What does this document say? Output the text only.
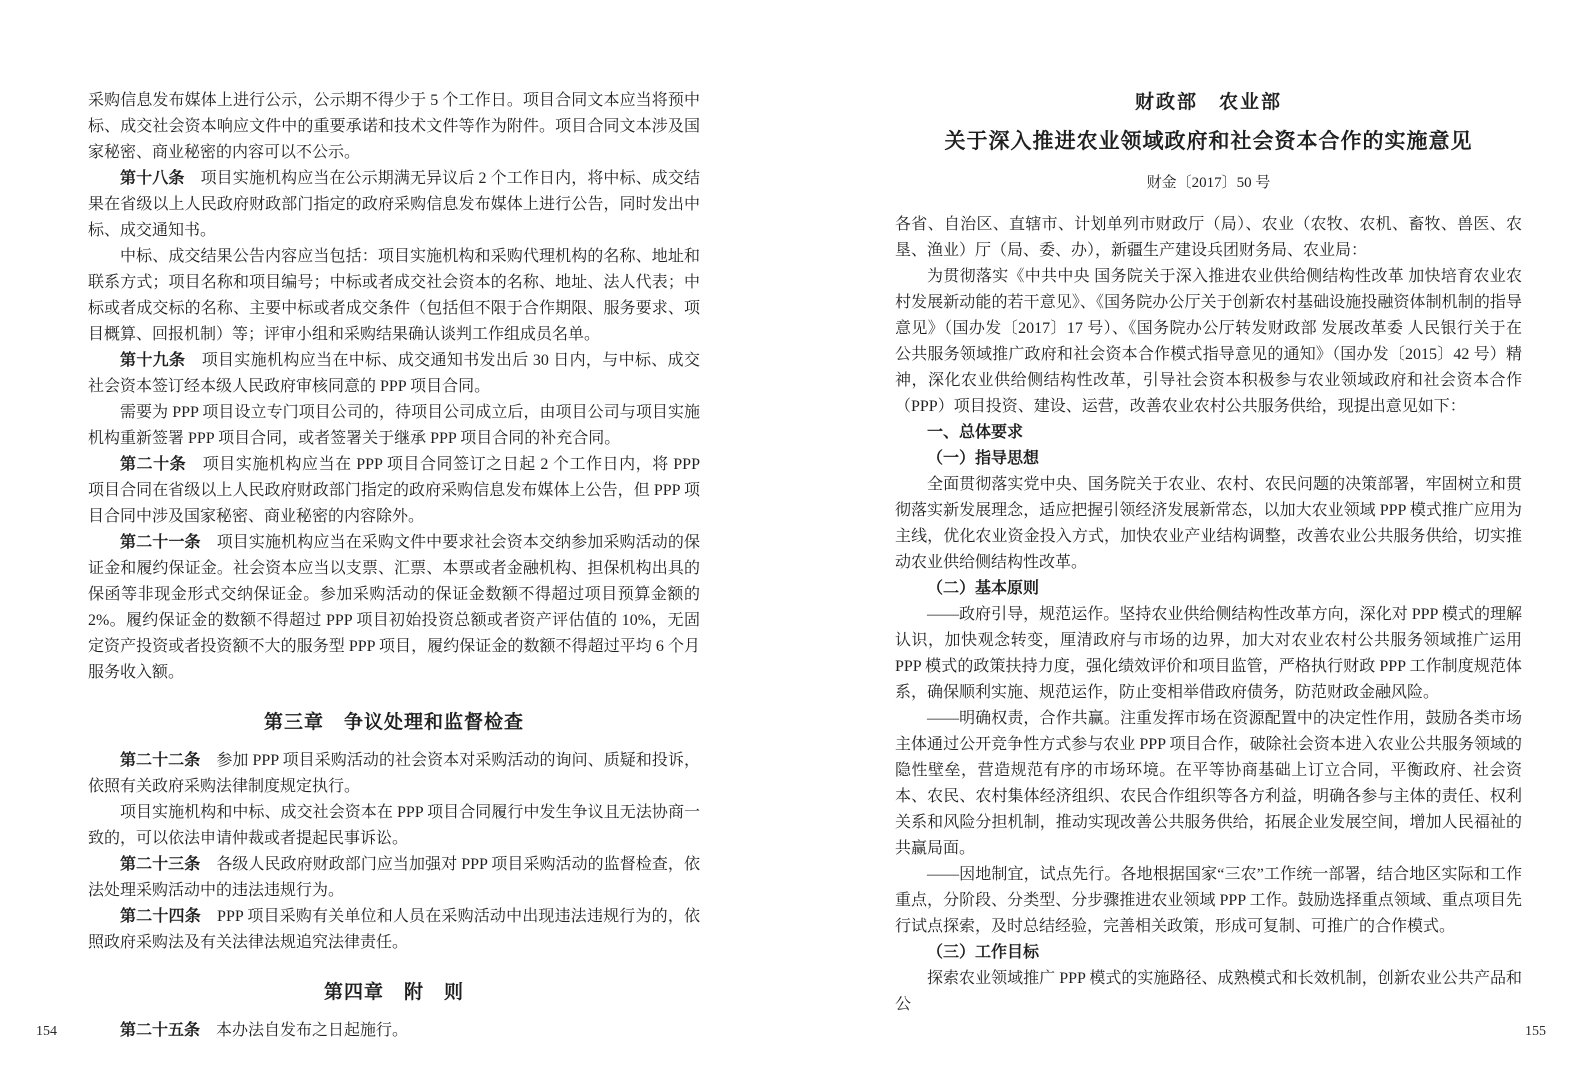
采购信息发布媒体上进行公示，公示期不得少于 5 个工作日。项目合同文本应当将预中标、成交社会资本响应文件中的重要承诺和技术文件等作为附件。项目合同文本涉及国家秘密、商业秘密的内容可以不公示。

第十八条　项目实施机构应当在公示期满无异议后 2 个工作日内，将中标、成交结果在省级以上人民政府财政部门指定的政府采购信息发布媒体上进行公告，同时发出中标、成交通知书。

中标、成交结果公告内容应当包括：项目实施机构和采购代理机构的名称、地址和联系方式；项目名称和项目编号；中标或者成交社会资本的名称、地址、法人代表；中标或者成交标的名称、主要中标或者成交条件（包括但不限于合作期限、服务要求、项目概算、回报机制）等；评审小组和采购结果确认谈判工作组成员名单。

第十九条　项目实施机构应当在中标、成交通知书发出后 30 日内，与中标、成交社会资本签订经本级人民政府审核同意的 PPP 项目合同。

需要为 PPP 项目设立专门项目公司的，待项目公司成立后，由项目公司与项目实施机构重新签署 PPP 项目合同，或者签署关于继承 PPP 项目合同的补充合同。

第二十条　项目实施机构应当在 PPP 项目合同签订之日起 2 个工作日内，将 PPP 项目合同在省级以上人民政府财政部门指定的政府采购信息发布媒体上公告，但 PPP 项目合同中涉及国家秘密、商业秘密的内容除外。

第二十一条　项目实施机构应当在采购文件中要求社会资本交纳参加采购活动的保证金和履约保证金。社会资本应当以支票、汇票、本票或者金融机构、担保机构出具的保函等非现金形式交纳保证金。参加采购活动的保证金数额不得超过项目预算金额的 2%。履约保证金的数额不得超过 PPP 项目初始投资总额或者资产评估值的 10%，无固定资产投资或者投资额不大的服务型 PPP 项目，履约保证金的数额不得超过平均 6 个月服务收入额。

第三章　争议处理和监督检查

第二十二条　参加 PPP 项目采购活动的社会资本对采购活动的询问、质疑和投诉，依照有关政府采购法律制度规定执行。

项目实施机构和中标、成交社会资本在 PPP 项目合同履行中发生争议且无法协商一致的，可以依法申请仲裁或者提起民事诉讼。

第二十三条　各级人民政府财政部门应当加强对 PPP 项目采购活动的监督检查，依法处理采购活动中的违法违规行为。

第二十四条　PPP 项目采购有关单位和人员在采购活动中出现违法违规行为的，依照政府采购法及有关法律法规追究法律责任。

第四章　附　则

第二十五条　本办法自发布之日起施行。

154
财政部　农业部
关于深入推进农业领域政府和社会资本合作的实施意见
财金〔2017〕50 号

各省、自治区、直辖市、计划单列市财政厅（局）、农业（农牧、农机、畜牧、兽医、农垦、渔业）厅（局、委、办），新疆生产建设兵团财务局、农业局：

为贯彻落实《中共中央 国务院关于深入推进农业供给侧结构性改革 加快培育农业农村发展新动能的若干意见》、《国务院办公厅关于创新农村基础设施投融资体制机制的指导意见》（国办发〔2017〕17 号）、《国务院办公厅转发财政部 发展改革委 人民银行关于在公共服务领域推广政府和社会资本合作模式指导意见的通知》（国办发〔2015〕42 号）精神，深化农业供给侧结构性改革，引导社会资本积极参与农业领域政府和社会资本合作（PPP）项目投资、建设、运营，改善农业农村公共服务供给，现提出意见如下：

一、总体要求
（一）指导思想

全面贯彻落实党中央、国务院关于农业、农村、农民问题的决策部署，牢固树立和贯彻落实新发展理念，适应把握引领经济发展新常态，以加大农业领域 PPP 模式推广应用为主线，优化农业资金投入方式，加快农业产业结构调整，改善农业公共服务供给，切实推动农业供给侧结构性改革。

（二）基本原则

——政府引导，规范运作。坚持农业供给侧结构性改革方向，深化对 PPP 模式的理解认识，加快观念转变，厘清政府与市场的边界，加大对农业农村公共服务领域推广运用 PPP 模式的政策扶持力度，强化绩效评价和项目监管，严格执行财政 PPP 工作制度规范体系，确保顺利实施、规范运作，防止变相举借政府债务，防范财政金融风险。

——明确权责，合作共赢。注重发挥市场在资源配置中的决定性作用，鼓励各类市场主体通过公开竞争性方式参与农业 PPP 项目合作，破除社会资本进入农业公共服务领域的隐性壁垒，营造规范有序的市场环境。在平等协商基础上订立合同，平衡政府、社会资本、农民、农村集体经济组织、农民合作组织等各方利益，明确各参与主体的责任、权利关系和风险分担机制，推动实现改善公共服务供给，拓展企业发展空间，增加人民福祉的共赢局面。

——因地制宜，试点先行。各地根据国家“三农”工作统一部署，结合地区实际和工作重点，分阶段、分类型、分步骤推进农业领域 PPP 工作。鼓励选择重点领域、重点项目先行试点探索，及时总结经验，完善相关政策，形成可复制、可推广的合作模式。

（三）工作目标

探索农业领域推广 PPP 模式的实施路径、成熟模式和长效机制，创新农业公共产品和公

155
